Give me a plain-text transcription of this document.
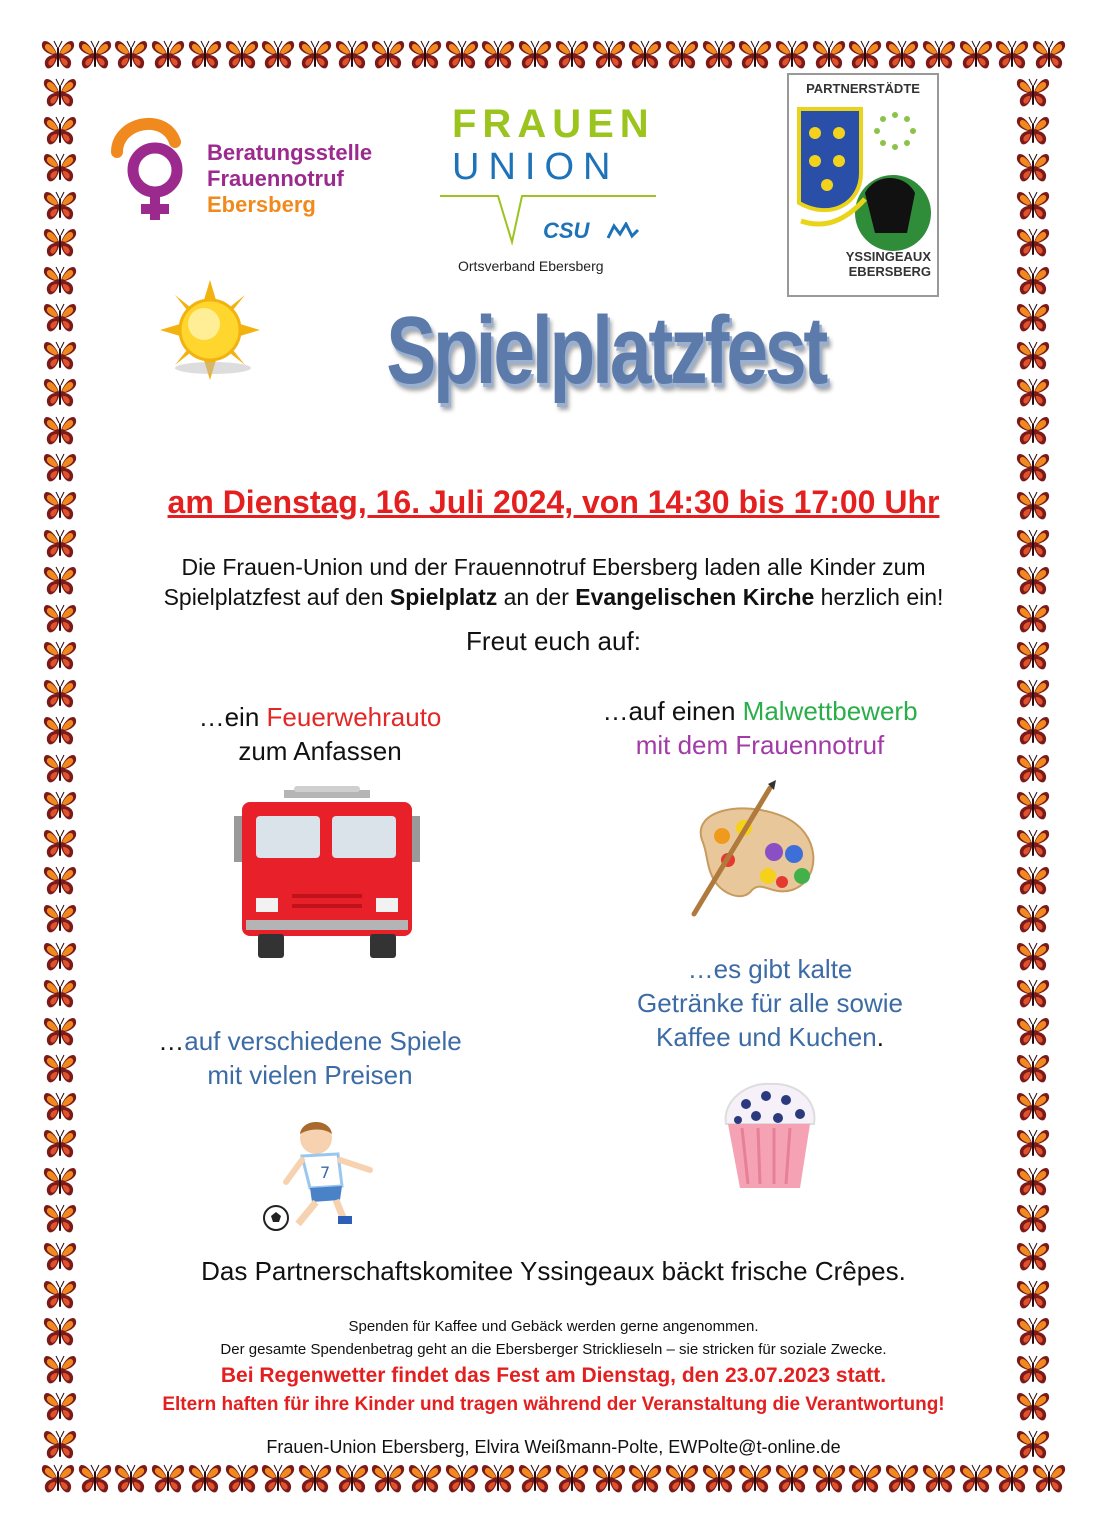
Beratungsstelle
Frauennotruf
Ebersberg
FRAUEN
UNION
CSU
Ortsverband Ebersberg
PARTNERSTÄDTE
YSSINGEAUX
EBERSBERG
Spielplatzfest
am Dienstag, 16. Juli 2024, von 14:30 bis 17:00 Uhr
Die Frauen-Union und der Frauennotruf Ebersberg laden alle Kinder zum
Spielplatzfest auf den Spielplatz an der Evangelischen Kirche herzlich ein!
Freut euch auf:
…ein Feuerwehrauto
zum Anfassen
…auf einen Malwettbewerb
mit dem Frauennotruf
…es gibt kalte
Getränke für alle sowie
Kaffee und Kuchen.
…auf verschiedene Spiele
mit vielen Preisen
7
Das Partnerschaftskomitee Yssingeaux bäckt frische Crêpes.
Spenden für Kaffee und Gebäck werden gerne angenommen.
Der gesamte Spendenbetrag geht an die Ebersberger Stricklieseln – sie stricken für soziale Zwecke.
Bei Regenwetter findet das Fest am Dienstag, den 23.07.2023 statt.
Eltern haften für ihre Kinder und tragen während der Veranstaltung die Verantwortung!
Frauen-Union Ebersberg, Elvira Weißmann-Polte, EWPolte@t-online.de
